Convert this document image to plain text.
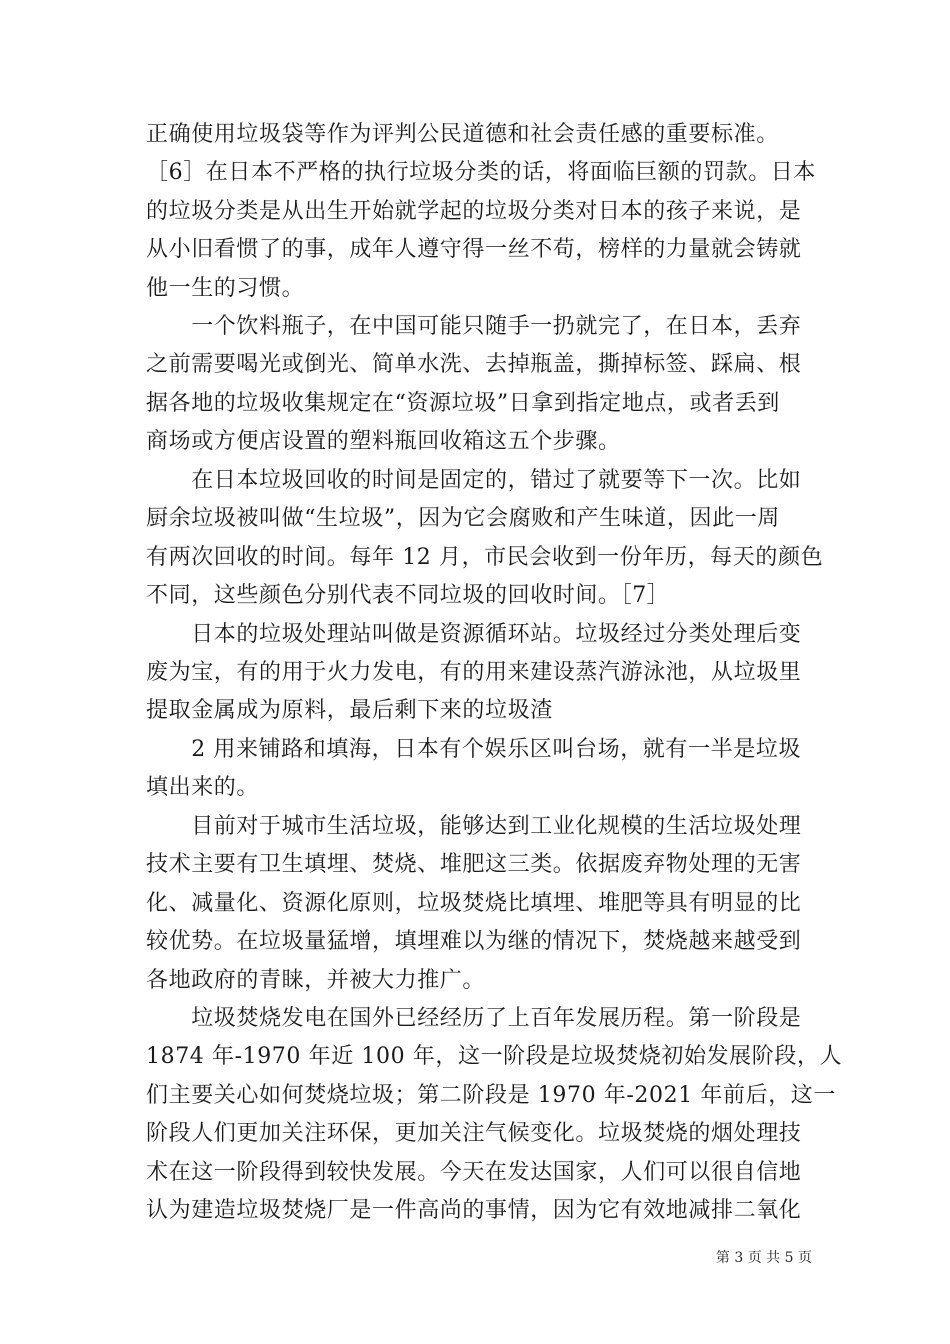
正确使用垃圾袋等作为评判公民道德和社会责任感的重要标准。
［6］在日本不严格的执行垃圾分类的话，将面临巨额的罚款。日本
的垃圾分类是从出生开始就学起的垃圾分类对日本的孩子来说，是
从小旧看惯了的事，成年人遵守得一丝不苟，榜样的力量就会铸就
他一生的习惯。
　　一个饮料瓶子，在中国可能只随手一扔就完了，在日本，丢弃
之前需要喝光或倒光、简单水洗、去掉瓶盖，撕掉标签、踩扁、根
据各地的垃圾收集规定在“资源垃圾”日拿到指定地点，或者丢到
商场或方便店设置的塑料瓶回收箱这五个步骤。
　　在日本垃圾回收的时间是固定的，错过了就要等下一次。比如
厨余垃圾被叫做“生垃圾”，因为它会腐败和产生味道，因此一周
有两次回收的时间。每年 12 月，市民会收到一份年历，每天的颜色
不同，这些颜色分别代表不同垃圾的回收时间。［7］
　　日本的垃圾处理站叫做是资源循环站。垃圾经过分类处理后变
废为宝，有的用于火力发电，有的用来建设蒸汽游泳池，从垃圾里
提取金属成为原料，最后剩下来的垃圾渣
　　2 用来铺路和填海，日本有个娱乐区叫台场，就有一半是垃圾
填出来的。
　　目前对于城市生活垃圾，能够达到工业化规模的生活垃圾处理
技术主要有卫生填埋、焚烧、堆肥这三类。依据废弃物处理的无害
化、减量化、资源化原则，垃圾焚烧比填埋、堆肥等具有明显的比
较优势。在垃圾量猛增，填埋难以为继的情况下，焚烧越来越受到
各地政府的青睐，并被大力推广。
　　垃圾焚烧发电在国外已经经历了上百年发展历程。第一阶段是
1874 年-1970 年近 100 年，这一阶段是垃圾焚烧初始发展阶段，人
们主要关心如何焚烧垃圾；第二阶段是 1970 年-2021 年前后，这一
阶段人们更加关注环保，更加关注气候变化。垃圾焚烧的烟处理技
术在这一阶段得到较快发展。今天在发达国家，人们可以很自信地
认为建造垃圾焚烧厂是一件高尚的事情，因为它有效地减排二氧化
第 3 页 共 5 页
